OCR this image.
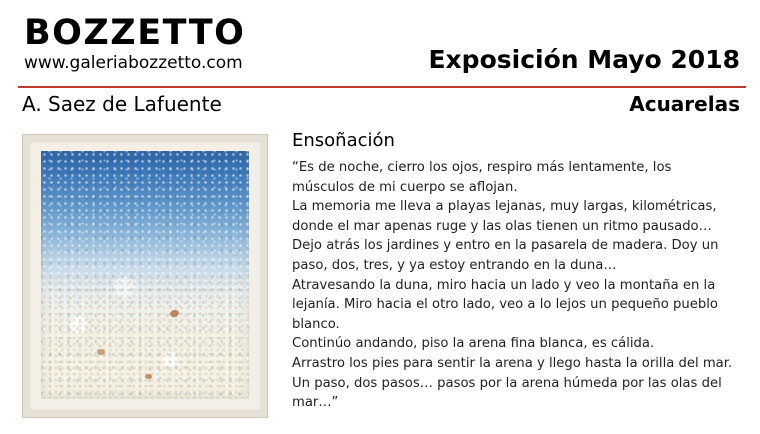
BOZZETTO
www.galeriabozzetto.com	Exposición Mayo 2018
A. Saez de Lafuente	Acuarelas
Ensoñación

“Es de noche, cierro los ojos, respiro más lentamente, los

músculos de mi cuerpo se aflojan.

La memoria me lleva a playas lejanas, muy largas, kilométricas,

donde el mar apenas ruge y las olas tienen un ritmo pausado…

Dejo atrás los jardines y entro en la pasarela de madera. Doy un

paso, dos, tres, y ya estoy entrando en la duna…

Atravesando la duna, miro hacia un lado y veo la montaña en la

lejanía. Miro hacia el otro lado, veo a lo lejos un pequeño pueblo

blanco.

Continúo andando, piso la arena fina blanca, es cálida.

Arrastro los pies para sentir la arena y llego hasta la orilla del mar.

Un paso, dos pasos… pasos por la arena húmeda por las olas del

mar…”
